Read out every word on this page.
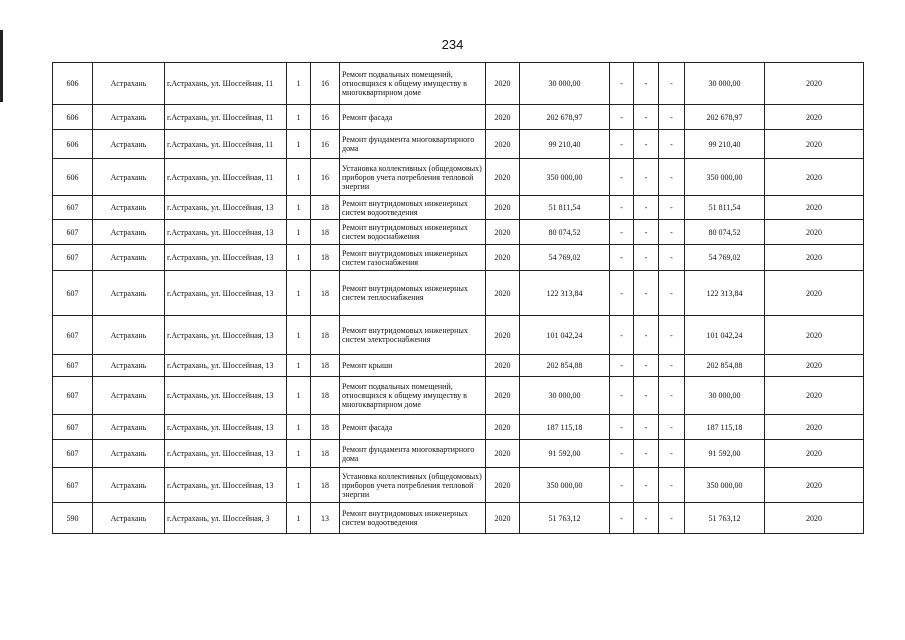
234
606	Астрахань	г.Астрахань, ул. Шоссейная, 11	1	16	Ремонт подвальных помещений, относящихся к общему имуществу в многоквартирном доме	2020	30 000,00	-	-	-	30 000,00	2020
606	Астрахань	г.Астрахань, ул. Шоссейная, 11	1	16	Ремонт фасада	2020	202 678,97	-	-	-	202 678,97	2020
606	Астрахань	г.Астрахань, ул. Шоссейная, 11	1	16	Ремонт фундамента многоквартирного дома	2020	99 210,40	-	-	-	99 210,40	2020
606	Астрахань	г.Астрахань, ул. Шоссейная, 11	1	16	Установка коллективных (общедомовых) приборов учета потребления тепловой энергии	2020	350 000,00	-	-	-	350 000,00	2020
607	Астрахань	г.Астрахань, ул. Шоссейная, 13	1	18	Ремонт внутридомовых инженерных систем водоотведения	2020	51 811,54	-	-	-	51 811,54	2020
607	Астрахань	г.Астрахань, ул. Шоссейная, 13	1	18	Ремонт внутридомовых инженерных систем водоснабжения	2020	80 074,52	-	-	-	80 074,52	2020
607	Астрахань	г.Астрахань, ул. Шоссейная, 13	1	18	Ремонт внутридомовых инженерных систем газоснабжения	2020	54 769,02	-	-	-	54 769,02	2020
607	Астрахань	г.Астрахань, ул. Шоссейная, 13	1	18	Ремонт внутридомовых инженерных систем теплоснабжения	2020	122 313,84	-	-	-	122 313,84	2020
607	Астрахань	г.Астрахань, ул. Шоссейная, 13	1	18	Ремонт внутридомовых инженерных систем электроснабжения	2020	101 042,24	-	-	-	101 042,24	2020
607	Астрахань	г.Астрахань, ул. Шоссейная, 13	1	18	Ремонт крыши	2020	202 854,88	-	-	-	202 854,88	2020
607	Астрахань	г.Астрахань, ул. Шоссейная, 13	1	18	Ремонт подвальных помещений, относящихся к общему имуществу в многоквартирном доме	2020	30 000,00	-	-	-	30 000,00	2020
607	Астрахань	г.Астрахань, ул. Шоссейная, 13	1	18	Ремонт фасада	2020	187 115,18	-	-	-	187 115,18	2020
607	Астрахань	г.Астрахань, ул. Шоссейная, 13	1	18	Ремонт фундамента многоквартирного дома	2020	91 592,00	-	-	-	91 592,00	2020
607	Астрахань	г.Астрахань, ул. Шоссейная, 13	1	18	Установка коллективных (общедомовых) приборов учета потребления тепловой энергии	2020	350 000,00	-	-	-	350 000,00	2020
590	Астрахань	г.Астрахань, ул. Шоссейная, 3	1	13	Ремонт внутридомовых инженерных систем водоотведения	2020	51 763,12	-	-	-	51 763,12	2020
